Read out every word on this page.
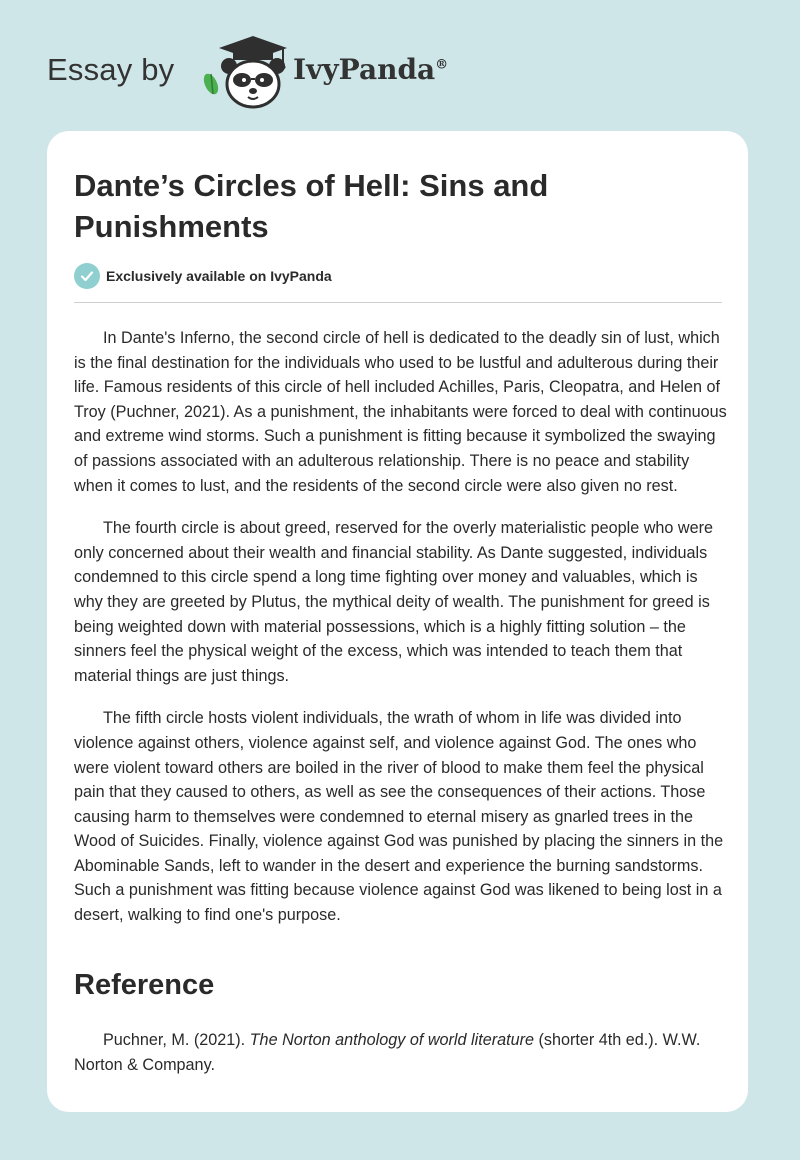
Essay by	IvyPanda®
Dante’s Circles of Hell: Sins and Punishments
Exclusively available on IvyPanda

In Dante's Inferno, the second circle of hell is dedicated to the deadly sin of lust, which is the final destination for the individuals who used to be lustful and adulterous during their life. Famous residents of this circle of hell included Achilles, Paris, Cleopatra, and Helen of Troy (Puchner, 2021). As a punishment, the inhabitants were forced to deal with continuous and extreme wind storms. Such a punishment is fitting because it symbolized the swaying of passions associated with an adulterous relationship. There is no peace and stability when it comes to lust, and the residents of the second circle were also given no rest.

The fourth circle is about greed, reserved for the overly materialistic people who were only concerned about their wealth and financial stability. As Dante suggested, individuals condemned to this circle spend a long time fighting over money and valuables, which is why they are greeted by Plutus, the mythical deity of wealth. The punishment for greed is being weighted down with material possessions, which is a highly fitting solution – the sinners feel the physical weight of the excess, which was intended to teach them that material things are just things.

The fifth circle hosts violent individuals, the wrath of whom in life was divided into violence against others, violence against self, and violence against God. The ones who were violent toward others are boiled in the river of blood to make them feel the physical pain that they caused to others, as well as see the consequences of their actions. Those causing harm to themselves were condemned to eternal misery as gnarled trees in the Wood of Suicides. Finally, violence against God was punished by placing the sinners in the Abominable Sands, left to wander in the desert and experience the burning sandstorms. Such a punishment was fitting because violence against God was likened to being lost in a desert, walking to find one's purpose.

Reference

Puchner, M. (2021). The Norton anthology of world literature (shorter 4th ed.). W.W. Norton & Company.
